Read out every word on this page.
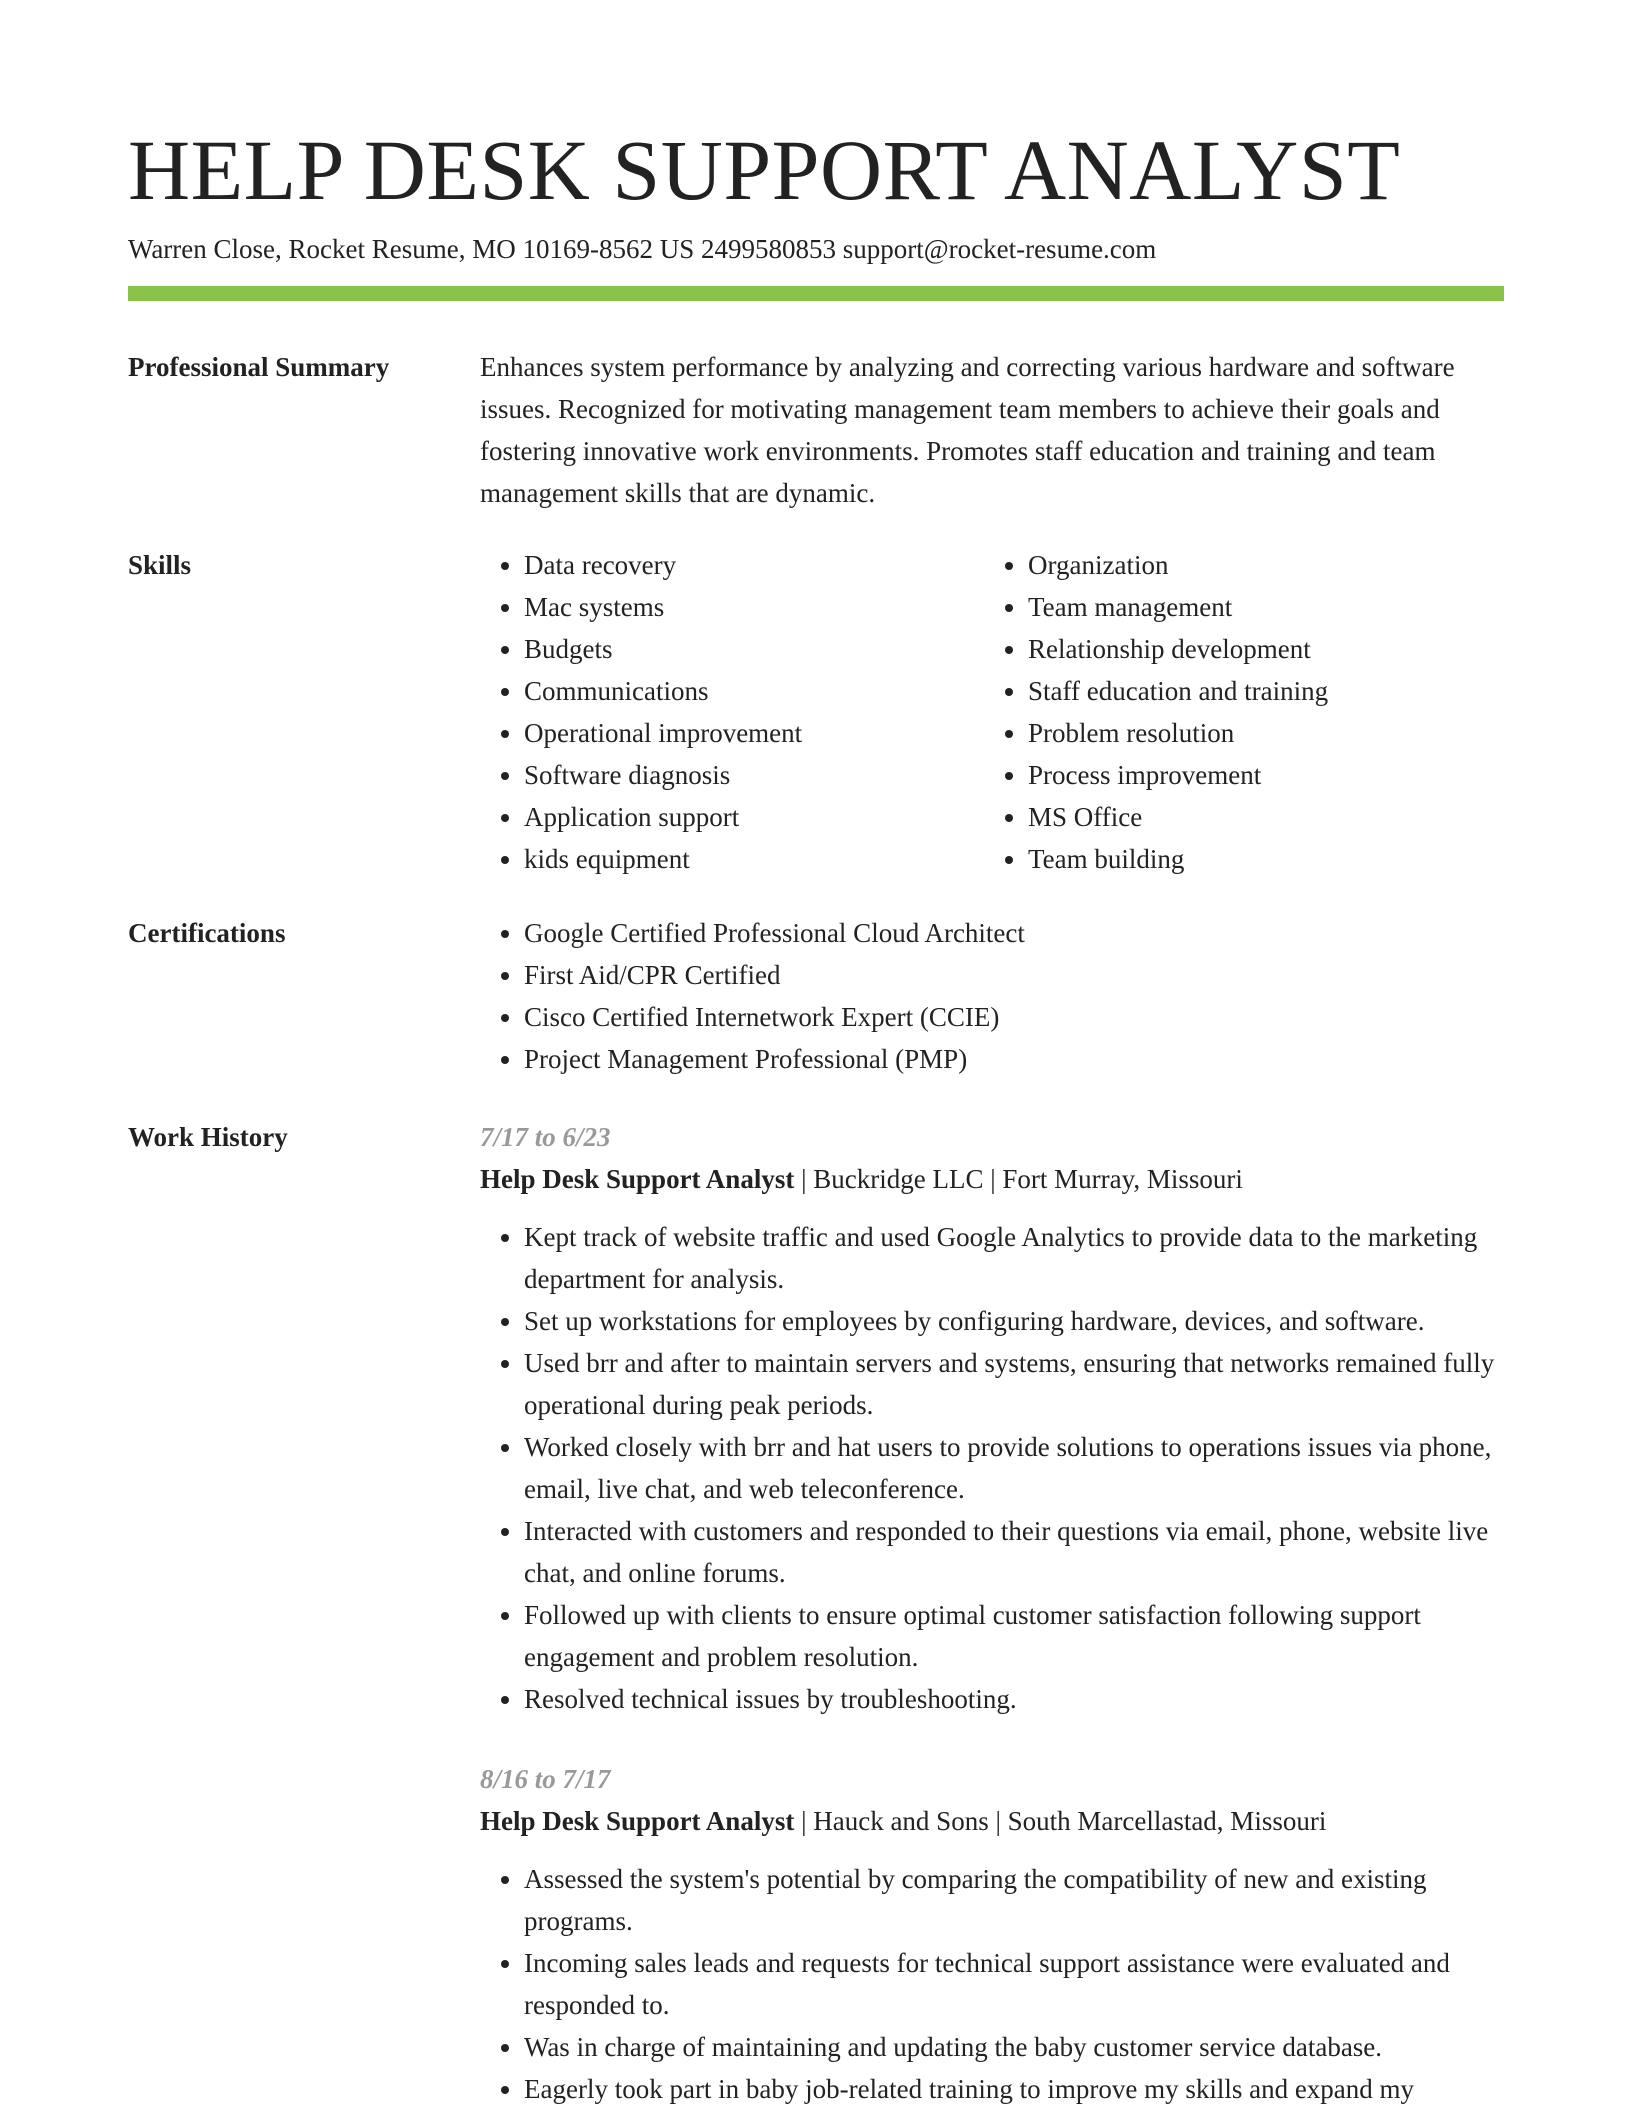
HELP DESK SUPPORT ANALYST
Warren Close, Rocket Resume, MO 10169-8562 US 2499580853 support@rocket-resume.com
Professional Summary	Enhances system performance by analyzing and correcting various hardware and software issues. Recognized for motivating management team members to achieve their goals and fostering innovative work environments. Promotes staff education and training and team management skills that are dynamic.

Skills	• Data recovery
• Mac systems
• Budgets
• Communications
• Operational improvement
• Software diagnosis
• Application support
• kids equipment
• Organization
• Team management
• Relationship development
• Staff education and training
• Problem resolution
• Process improvement
• MS Office
• Team building
Certifications	• Google Certified Professional Cloud Architect
• First Aid/CPR Certified
• Cisco Certified Internetwork Expert (CCIE)
• Project Management Professional (PMP)
Work History	7/17 to 6/23
Help Desk Support Analyst | Buckridge LLC | Fort Murray, Missouri
• Kept track of website traffic and used Google Analytics to provide data to the marketing department for analysis.
• Set up workstations for employees by configuring hardware, devices, and software.
• Used brr and after to maintain servers and systems, ensuring that networks remained fully operational during peak periods.
• Worked closely with brr and hat users to provide solutions to operations issues via phone, email, live chat, and web teleconference.
• Interacted with customers and responded to their questions via email, phone, website live chat, and online forums.
• Followed up with clients to ensure optimal customer satisfaction following support engagement and problem resolution.
• Resolved technical issues by troubleshooting.
8/16 to 7/17
Help Desk Support Analyst | Hauck and Sons | South Marcellastad, Missouri
• Assessed the system's potential by comparing the compatibility of new and existing programs.
• Incoming sales leads and requests for technical support assistance were evaluated and responded to.
• Was in charge of maintaining and updating the baby customer service database.
• Eagerly took part in baby job-related training to improve my skills and expand my
